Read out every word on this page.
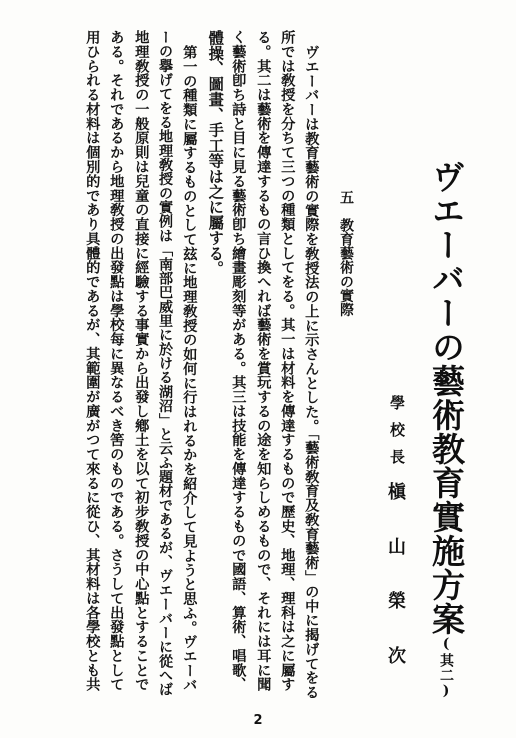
ヴエーバーの藝術教育實施方案(其二)
學校長
槇
山
榮
次
五　教育藝術の實際
ヴエーバーは教育藝術の實際を敎授法の上に示さんとした。「藝術敎育及敎育藝術」の中に揭げてをる
所では敎授を分ちて三つの種類としてをる。其一は材料を傳達するもので歷史、地理、理科は之に屬す
る。其二は藝術を傳達するもの言ひ換へれば藝術を賞玩するの途を知らしめるもので、それには耳に聞
く藝術卽ち詩と目に見る藝術卽ち繪畫彫刻等がある。其三は技能を傳達するもので國語、算術、唱歌、
體操、圖畫、手工等は之に屬する。
第一の種類に屬するものとして玆に地理敎授の如何に行はれるかを紹介して見ようと思ふ。ヴエーバ
ーの擧げてをる地理敎授の實例は「南部巴威里に於ける湖沼」と云ふ題材であるが、ヴエーバーに從へば
地理敎授の一般原則は兒童の直接に經驗する事實から出發し鄕土を以て初步敎授の中心點とすることで
ある。それであるから地理敎授の出發點は學校每に異なるべき筈のものである。さうして出發點として
用ひられる材料は個別的であり具體的であるが、其範圍が廣がつて來るに從ひ、其材料は各學校とも共
2
